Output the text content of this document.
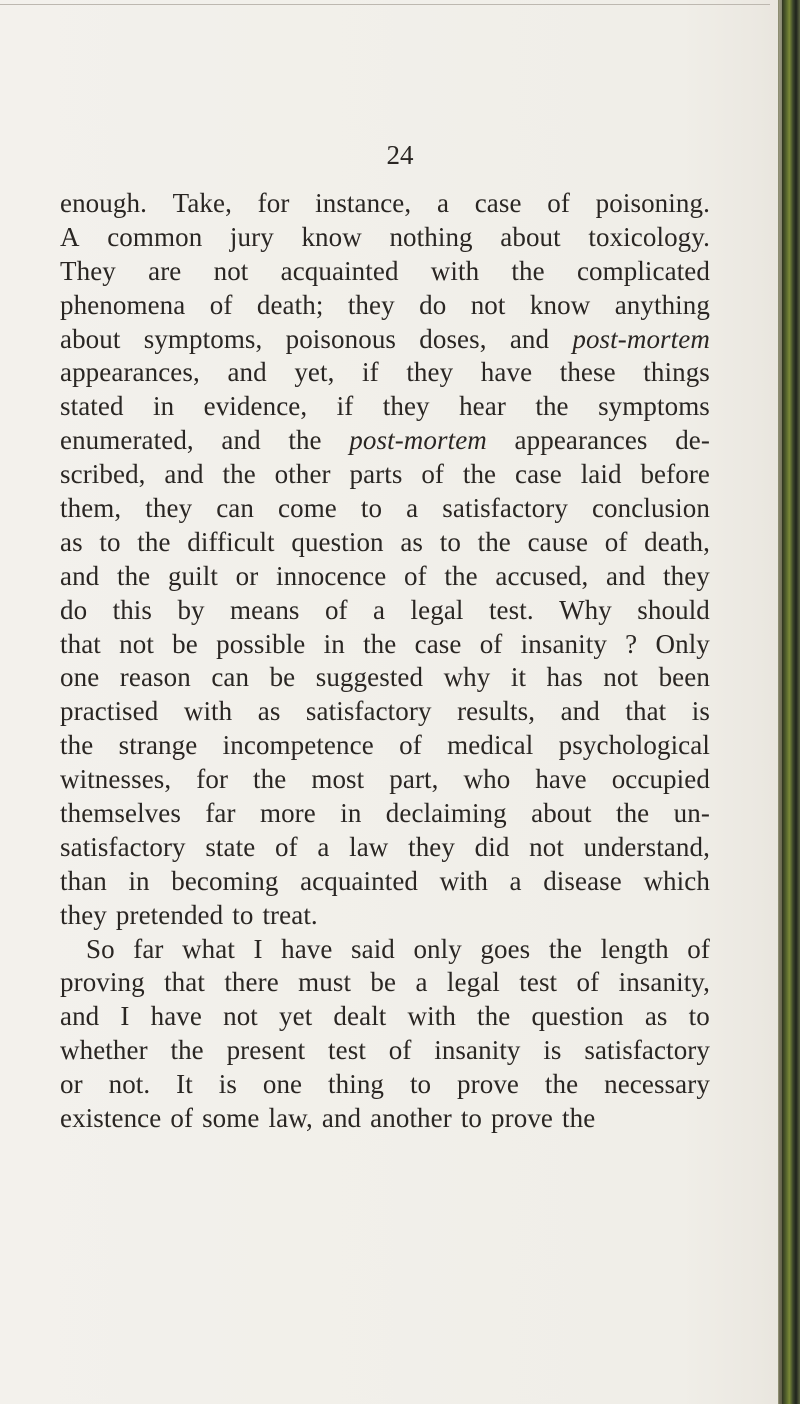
24
enough. Take, for instance, a case of poisoning.
A common jury know nothing about toxicology.
They are not acquainted with the complicated
phenomena of death; they do not know anything
about symptoms, poisonous doses, and post-mortem
appearances, and yet, if they have these things
stated in evidence, if they hear the symptoms
enumerated, and the post-mortem appearances de-
scribed, and the other parts of the case laid before
them, they can come to a satisfactory conclusion
as to the difficult question as to the cause of death,
and the guilt or innocence of the accused, and they
do this by means of a legal test. Why should
that not be possible in the case of insanity ? Only
one reason can be suggested why it has not been
practised with as satisfactory results, and that is
the strange incompetence of medical psychological
witnesses, for the most part, who have occupied
themselves far more in declaiming about the un-
satisfactory state of a law they did not understand,
than in becoming acquainted with a disease which
they pretended to treat.
So far what I have said only goes the length of
proving that there must be a legal test of insanity,
and I have not yet dealt with the question as to
whether the present test of insanity is satisfactory
or not. It is one thing to prove the necessary
existence of some law, and another to prove the
